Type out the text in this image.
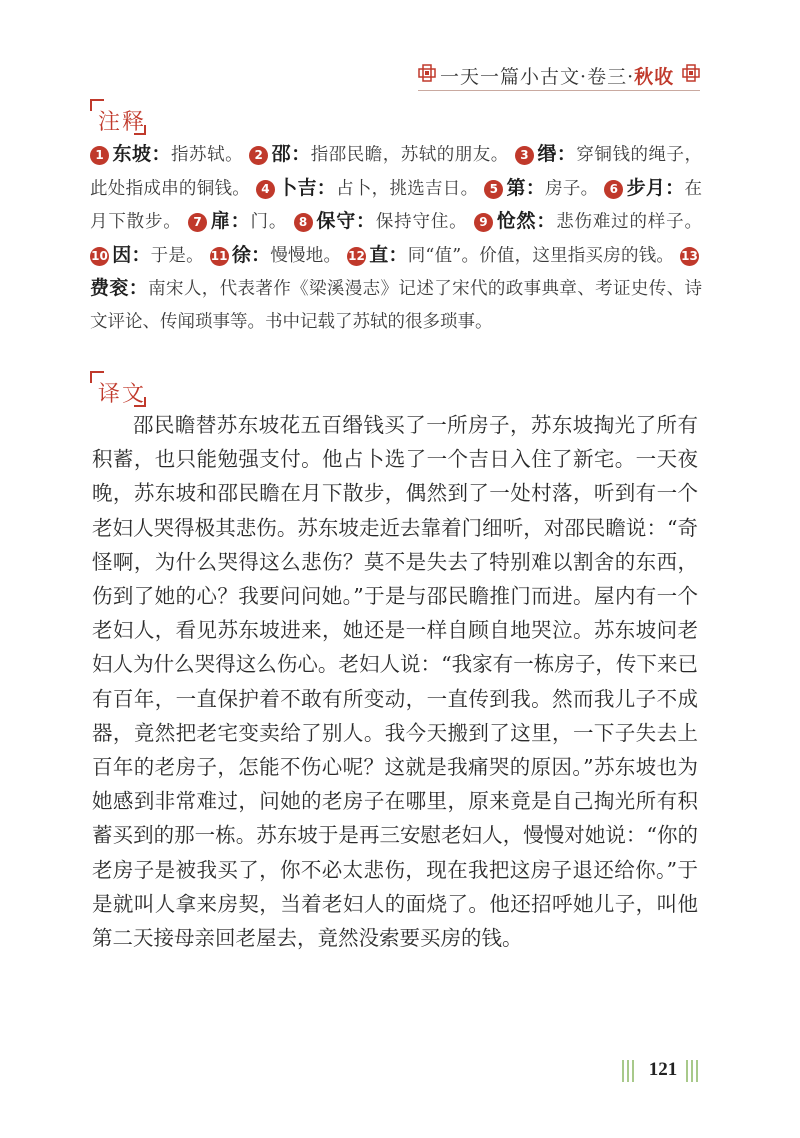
一天一篇小古文·卷三·秋收
注释
1 东坡：指苏轼。 2 邵：指邵民瞻，苏轼的朋友。 3 缗：穿铜钱的绳子，此处指成串的铜钱。 4 卜吉：占卜，挑选吉日。 5 第：房子。 6 步月：在月下散步。 7 扉：门。 8 保守：保持守住。 9 怆然：悲伤难过的样子。 10 因：于是。 11 徐：慢慢地。 12 直：同“值”。价值，这里指买房的钱。 13费衮：南宋人，代表著作《梁溪漫志》记述了宋代的政事典章、考证史传、诗文评论、传闻琐事等。书中记载了苏轼的很多琐事。
译文
邵民瞻替苏东坡花五百缗钱买了一所房子，苏东坡掏光了所有积蓄，也只能勉强支付。他占卜选了一个吉日入住了新宅。一天夜晚，苏东坡和邵民瞻在月下散步，偶然到了一处村落，听到有一个老妇人哭得极其悲伤。苏东坡走近去靠着门细听，对邵民瞻说：“奇怪啊，为什么哭得这么悲伤？莫不是失去了特别难以割舍的东西，伤到了她的心？我要问问她。”于是与邵民瞻推门而进。屋内有一个老妇人，看见苏东坡进来，她还是一样自顾自地哭泣。苏东坡问老妇人为什么哭得这么伤心。老妇人说：“我家有一栋房子，传下来已有百年，一直保护着不敢有所变动，一直传到我。然而我儿子不成器，竟然把老宅变卖给了别人。我今天搬到了这里，一下子失去上百年的老房子，怎能不伤心呢？这就是我痛哭的原因。”苏东坡也为她感到非常难过，问她的老房子在哪里，原来竟是自己掏光所有积蓄买到的那一栋。苏东坡于是再三安慰老妇人，慢慢对她说：“你的老房子是被我买了，你不必太悲伤，现在我把这房子退还给你。”于是就叫人拿来房契，当着老妇人的面烧了。他还招呼她儿子，叫他第二天接母亲回老屋去，竟然没索要买房的钱。
121
